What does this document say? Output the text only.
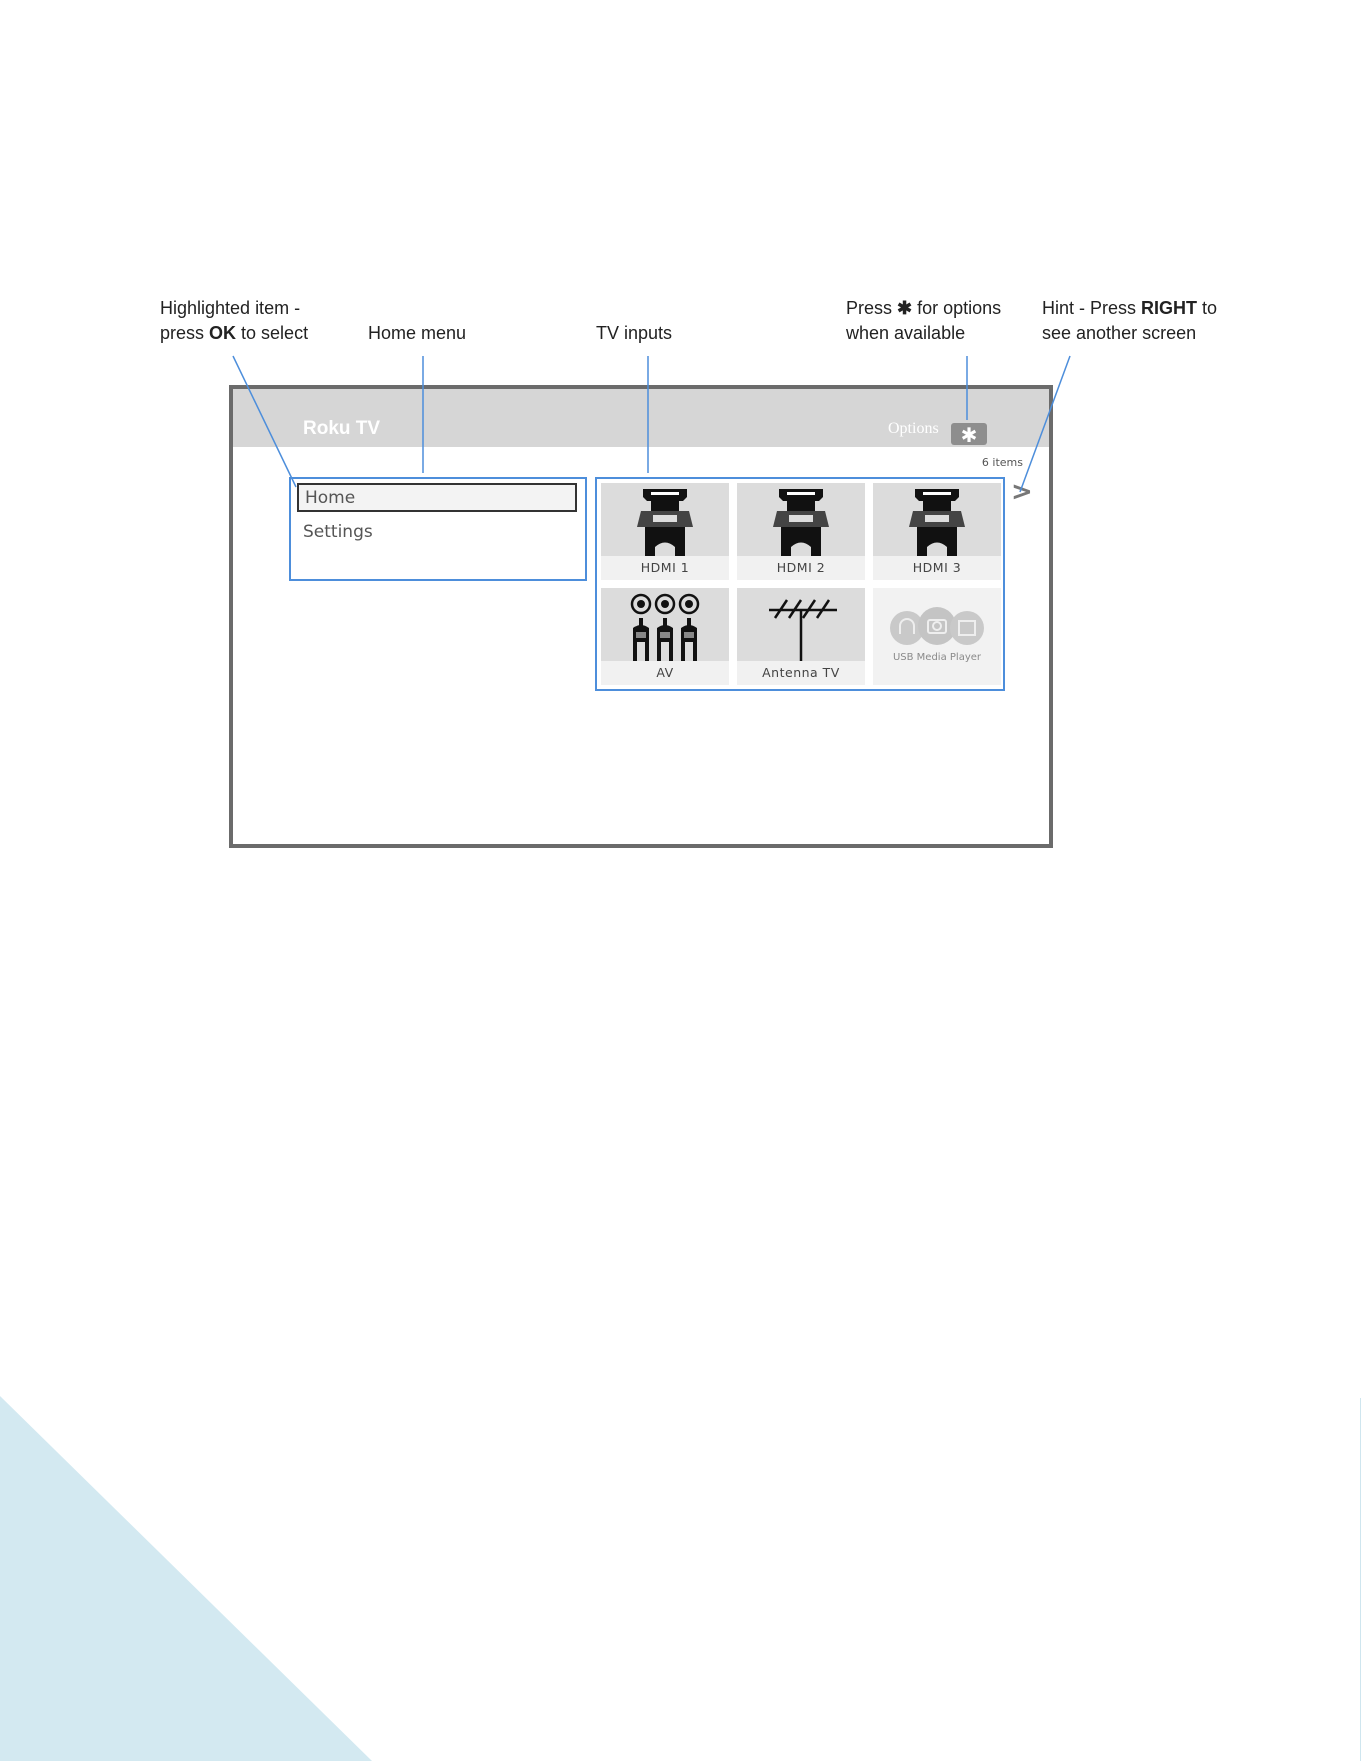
Highlighted item -
press OK to select	Home menu	TV inputs
Press ✱ for options
when available
Hint - Press RIGHT to
see another screen
Roku TV	Options	✱
6 items
Home
Settings
HDMI 1	HDMI 2	HDMI 3
AV	Antenna TV
USB Media Player
>
